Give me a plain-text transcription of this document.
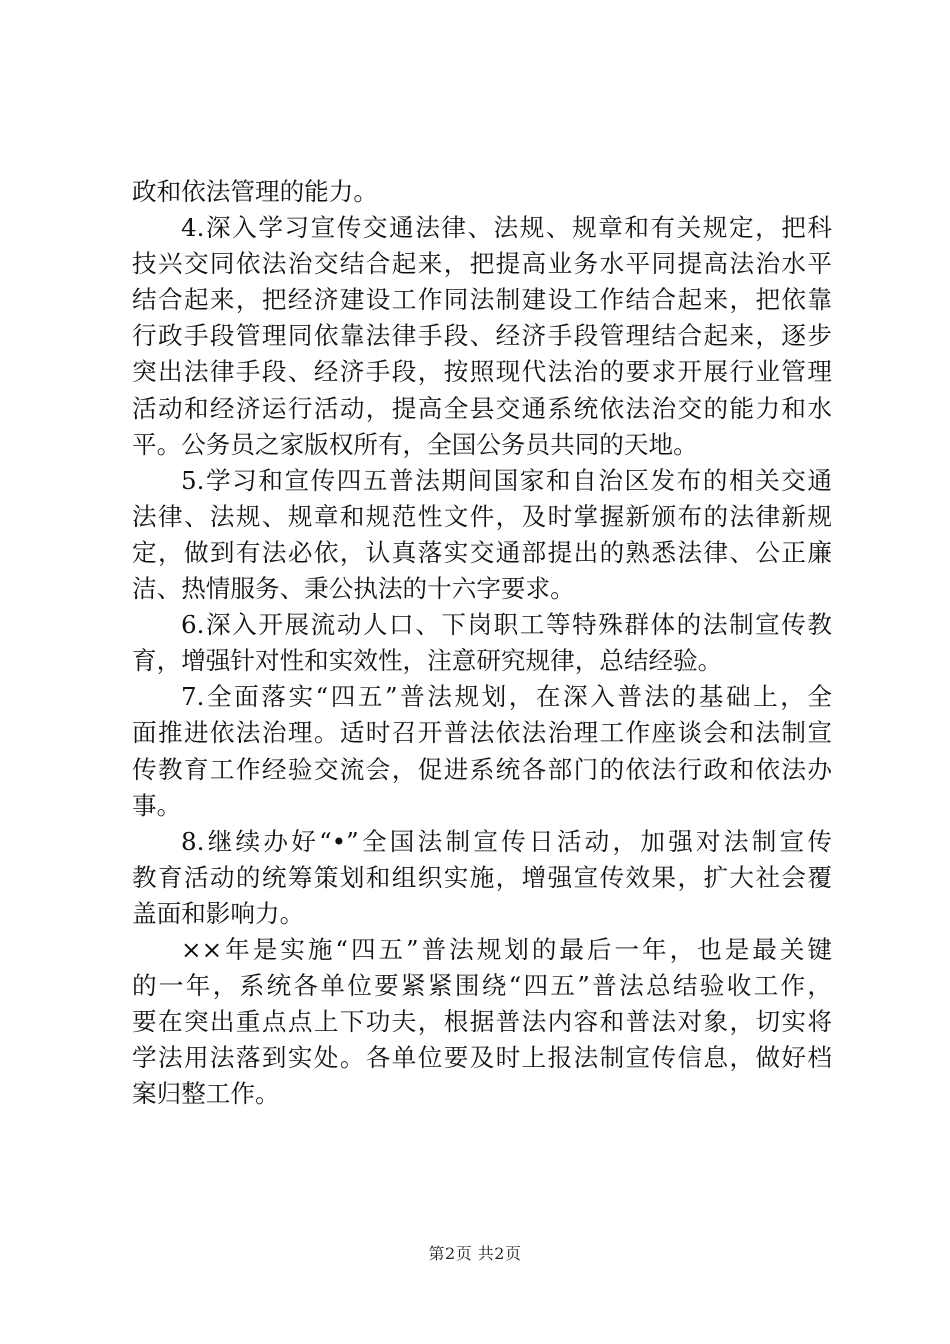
政和依法管理的能力。
4.深入学习宣传交通法律、法规、规章和有关规定，把科
技兴交同依法治交结合起来，把提高业务水平同提高法治水平
结合起来，把经济建设工作同法制建设工作结合起来，把依靠
行政手段管理同依靠法律手段、经济手段管理结合起来，逐步
突出法律手段、经济手段，按照现代法治的要求开展行业管理
活动和经济运行活动，提高全县交通系统依法治交的能力和水
平。公务员之家版权所有，全国公务员共同的天地。
5.学习和宣传四五普法期间国家和自治区发布的相关交通
法律、法规、规章和规范性文件，及时掌握新颁布的法律新规
定，做到有法必依，认真落实交通部提出的熟悉法律、公正廉
洁、热情服务、秉公执法的十六字要求。
6.深入开展流动人口、下岗职工等特殊群体的法制宣传教
育，增强针对性和实效性，注意研究规律，总结经验。
7.全面落实“四五”普法规划，在深入普法的基础上，全
面推进依法治理。适时召开普法依法治理工作座谈会和法制宣
传教育工作经验交流会，促进系统各部门的依法行政和依法办
事。
8.继续办好“•”全国法制宣传日活动，加强对法制宣传
教育活动的统筹策划和组织实施，增强宣传效果，扩大社会覆
盖面和影响力。
××年是实施“四五”普法规划的最后一年，也是最关键
的一年，系统各单位要紧紧围绕“四五”普法总结验收工作，
要在突出重点点上下功夫，根据普法内容和普法对象，切实将
学法用法落到实处。各单位要及时上报法制宣传信息，做好档
案归整工作。
第2页 共2页
